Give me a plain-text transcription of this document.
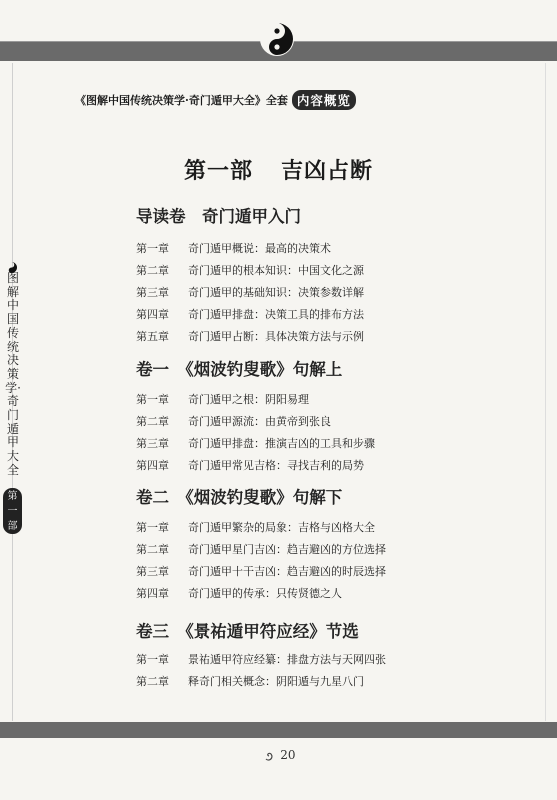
《图解中国传统决策学·奇门遁甲大全》全套 内容概览
第一部 吉凶占断
导读卷　奇门遁甲入门
第一章 奇门遁甲概说：最高的决策术
第二章 奇门遁甲的根本知识：中国文化之源
第三章 奇门遁甲的基础知识：决策参数详解
第四章 奇门遁甲排盘：决策工具的排布方法
第五章 奇门遁甲占断：具体决策方法与示例
卷一　《烟波钓叟歌》句解上
第一章 奇门遁甲之根：阴阳易理
第二章 奇门遁甲源流：由黄帝到张良
第三章 奇门遁甲排盘：推演吉凶的工具和步骤
第四章 奇门遁甲常见吉格：寻找吉利的局势
卷二　《烟波钓叟歌》句解下
第一章 奇门遁甲繁杂的局象：吉格与凶格大全
第二章 奇门遁甲星门吉凶：趋吉避凶的方位选择
第三章 奇门遁甲十干吉凶：趋吉避凶的时辰选择
第四章 奇门遁甲的传承：只传贤德之人
卷三　《景祐遁甲符应经》节选
第一章 景祐遁甲符应经纂：排盘方法与天网四张
第二章 释奇门相关概念：阴阳遁与九星八门
图解中国传统决策学·奇门遁甲大全
第一部
20
